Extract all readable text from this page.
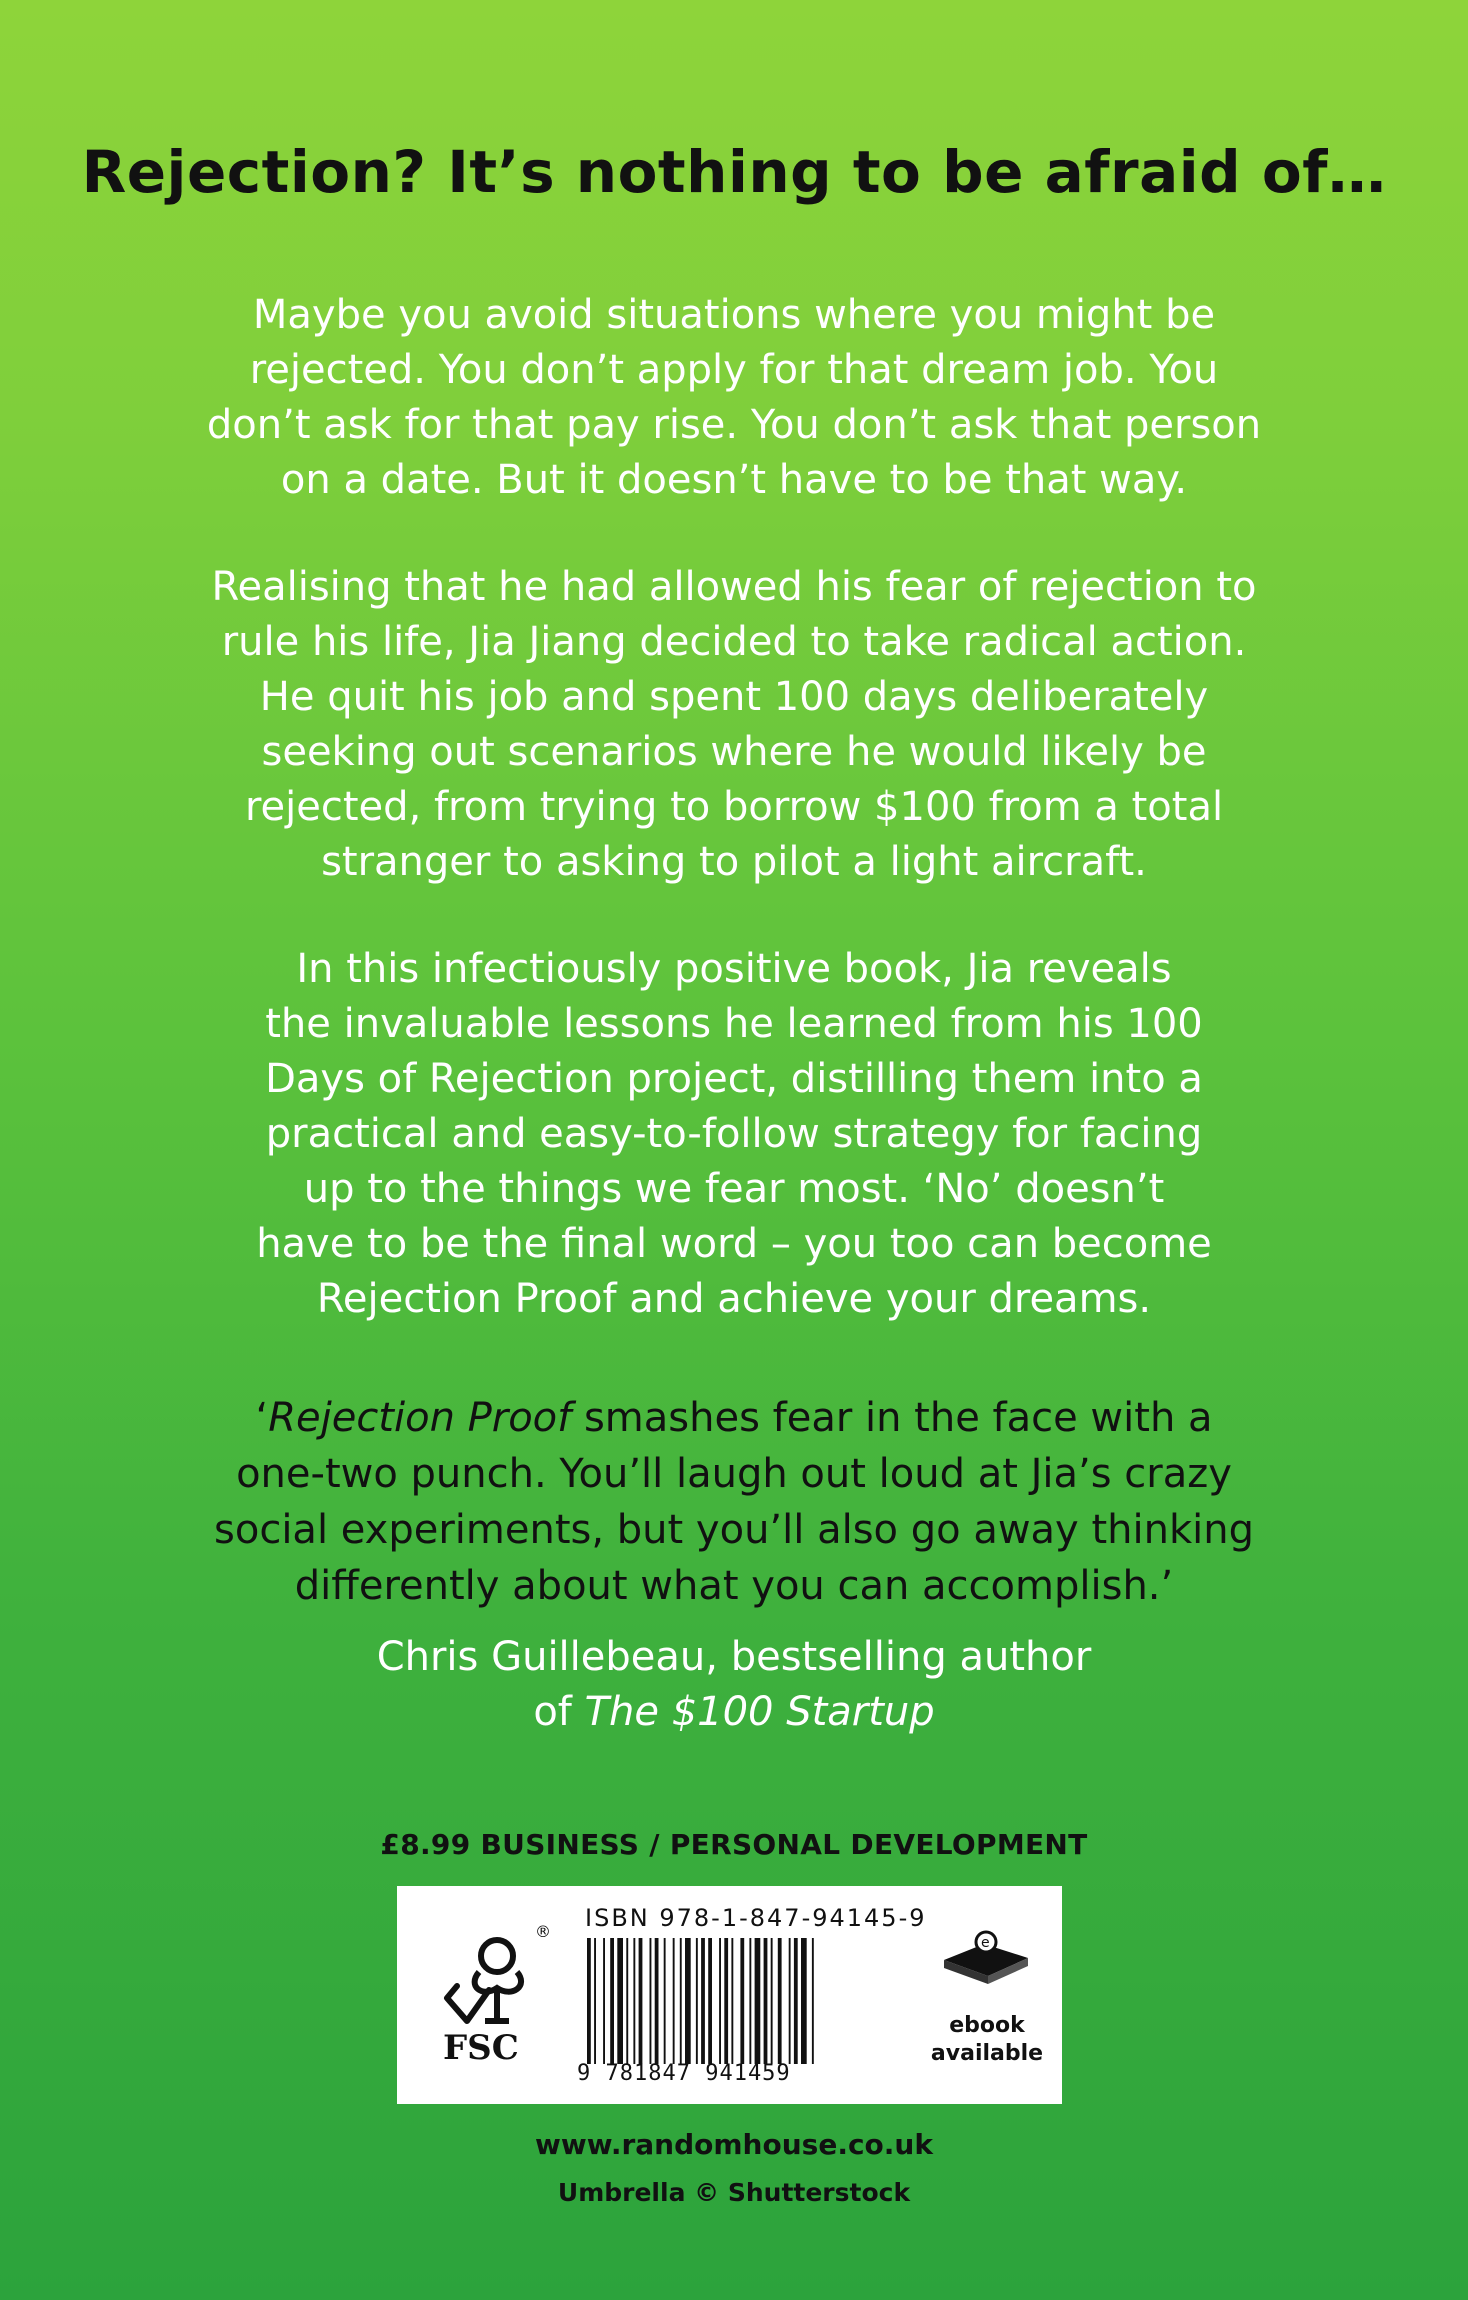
Rejection? It’s nothing to be afraid of…
Maybe you avoid situations where you might be
rejected. You don’t apply for that dream job. You
don’t ask for that pay rise. You don’t ask that person
on a date. But it doesn’t have to be that way.
Realising that he had allowed his fear of rejection to
rule his life, Jia Jiang decided to take radical action.
He quit his job and spent 100 days deliberately
seeking out scenarios where he would likely be
rejected, from trying to borrow $100 from a total
stranger to asking to pilot a light aircraft.
In this infectiously positive book, Jia reveals
the invaluable lessons he learned from his 100
Days of Rejection project, distilling them into a
practical and easy-to-follow strategy for facing
up to the things we fear most. ‘No’ doesn’t
have to be the final word – you too can become
Rejection Proof and achieve your dreams.
‘Rejection Proof smashes fear in the face with a
one-two punch. You’ll laugh out loud at Jia’s crazy
social experiments, but you’ll also go away thinking
differently about what you can accomplish.’
Chris Guillebeau, bestselling author
of The $100 Startup
£8.99 BUSINESS / PERSONAL DEVELOPMENT
®
FSC
ISBN 978-1-847-94145-9
9 781847 941459
e
ebook
available
www.randomhouse.co.uk
Umbrella © Shutterstock
